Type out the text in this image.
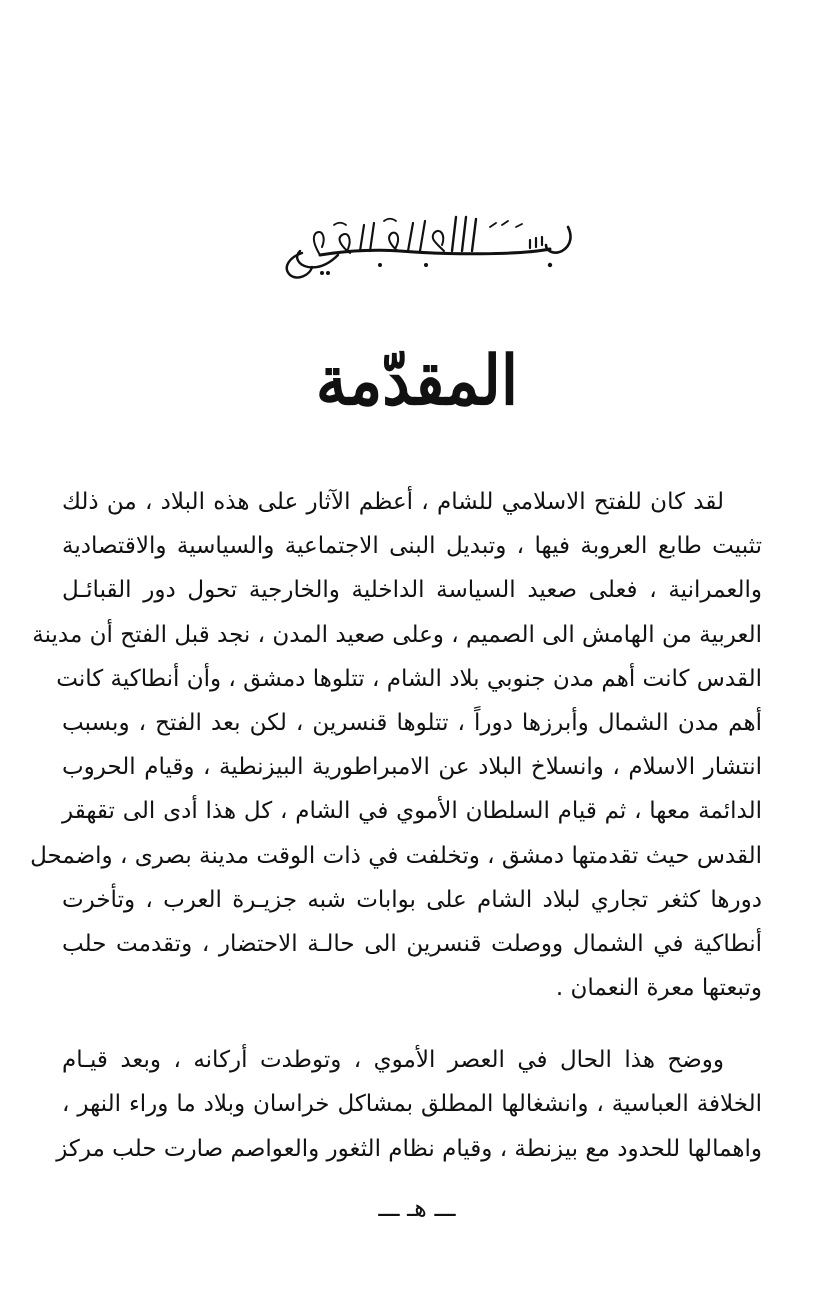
المقدّمة
لقد كان للفتح الاسلامي للشام ، أعظم الآثار على هذه البلاد ، من ذلك
تثبيت طابع العروبة فيها ، وتبديل البنى الاجتماعية والسياسية والاقتصادية
والعمرانية ، فعلى صعيد السياسة الداخلية والخارجية تحول دور القبائـل
العربية من الهامش الى الصميم ، وعلى صعيد المدن ، نجد قبل الفتح أن مدينة
القدس كانت أهم مدن جنوبي بلاد الشام ، تتلوها دمشق ، وأن أنطاكية كانت
أهم مدن الشمال وأبرزها دوراً ، تتلوها قنسرين ، لكن بعد الفتح ، وبسبب
انتشار الاسلام ، وانسلاخ البلاد عن الامبراطورية البيزنطية ، وقيام الحروب
الدائمة معها ، ثم قيام السلطان الأموي في الشام ، كل هذا أدى الى تقهقر
القدس حيث تقدمتها دمشق ، وتخلفت في ذات الوقت مدينة بصرى ، واضمحل
دورها كثغر تجاري لبلاد الشام على بوابات شبه جزيـرة العرب ، وتأخرت
أنطاكية في الشمال ووصلت قنسرين الى حالـة الاحتضار ، وتقدمت حلب
وتبعتها معرة النعمان .
ووضح هذا الحال في العصر الأموي ، وتوطدت أركانه ، وبعد قيـام
الخلافة العباسية ، وانشغالها المطلق بمشاكل خراسان وبلاد ما وراء النهر ،
واهمالها للحدود مع بيزنطة ، وقيام نظام الثغور والعواصم صارت حلب مركز
ـــ هـ ـــ
